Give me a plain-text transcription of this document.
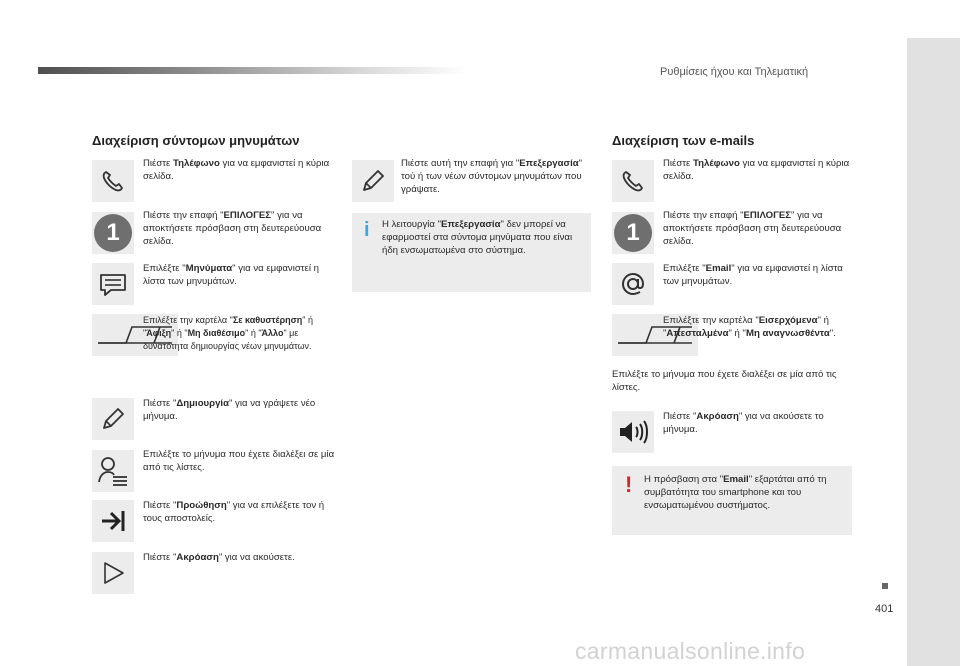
Ρυθμίσεις ήχου και Τηλεματική
401
carmanualsonline.info
Διαχείριση σύντομων μηνυμάτων
Πιέστε Τηλέφωνο για να εμφανιστεί η κύρια σελίδα.
1
Πιέστε την επαφή "ΕΠΙΛΟΓΕΣ" για να αποκτήσετε πρόσβαση στη δευτερεύουσα σελίδα.
Επιλέξτε "Μηνύματα" για να εμφανιστεί η λίστα των μηνυμάτων.
Επιλέξτε την καρτέλα "Σε καθυστέρηση" ή "Άφιξη" ή "Μη διαθέσιμο" ή "Άλλο" με δυνατότητα δημιουργίας νέων μηνυμάτων.
Πιέστε "Δημιουργία" για να γράψετε νέο μήνυμα.
Επιλέξτε το μήνυμα που έχετε διαλέξει σε μία από τις λίστες.
Πιέστε "Προώθηση" για να επιλέξετε τον ή τους αποστολείς.
Πιέστε "Ακρόαση" για να ακούσετε.
Πιέστε αυτή την επαφή για "Επεξεργασία" τού ή των νέων σύντομων μηνυμάτων που γράψατε.
i Η λειτουργία "Επεξεργασία" δεν μπορεί να εφαρμοστεί στα σύντομα μηνύματα που είναι ήδη ενσωματωμένα στο σύστημα.
Διαχείριση των e-mails
Πιέστε Τηλέφωνο για να εμφανιστεί η κύρια σελίδα.
1
Πιέστε την επαφή "ΕΠΙΛΟΓΕΣ" για να αποκτήσετε πρόσβαση στη δευτερεύουσα σελίδα.
Επιλέξτε "Email" για να εμφανιστεί η λίστα των μηνυμάτων.
Επιλέξτε την καρτέλα "Εισερχόμενα" ή "Απεσταλμένα" ή "Μη αναγνωσθέντα".
Επιλέξτε το μήνυμα που έχετε διαλέξει σε μία από τις λίστες.
Πιέστε "Ακρόαση" για να ακούσετε το μήνυμα.
! Η πρόσβαση στα "Email" εξαρτάται από τη συμβατότητα του smartphone και του ενσωματωμένου συστήματος.
